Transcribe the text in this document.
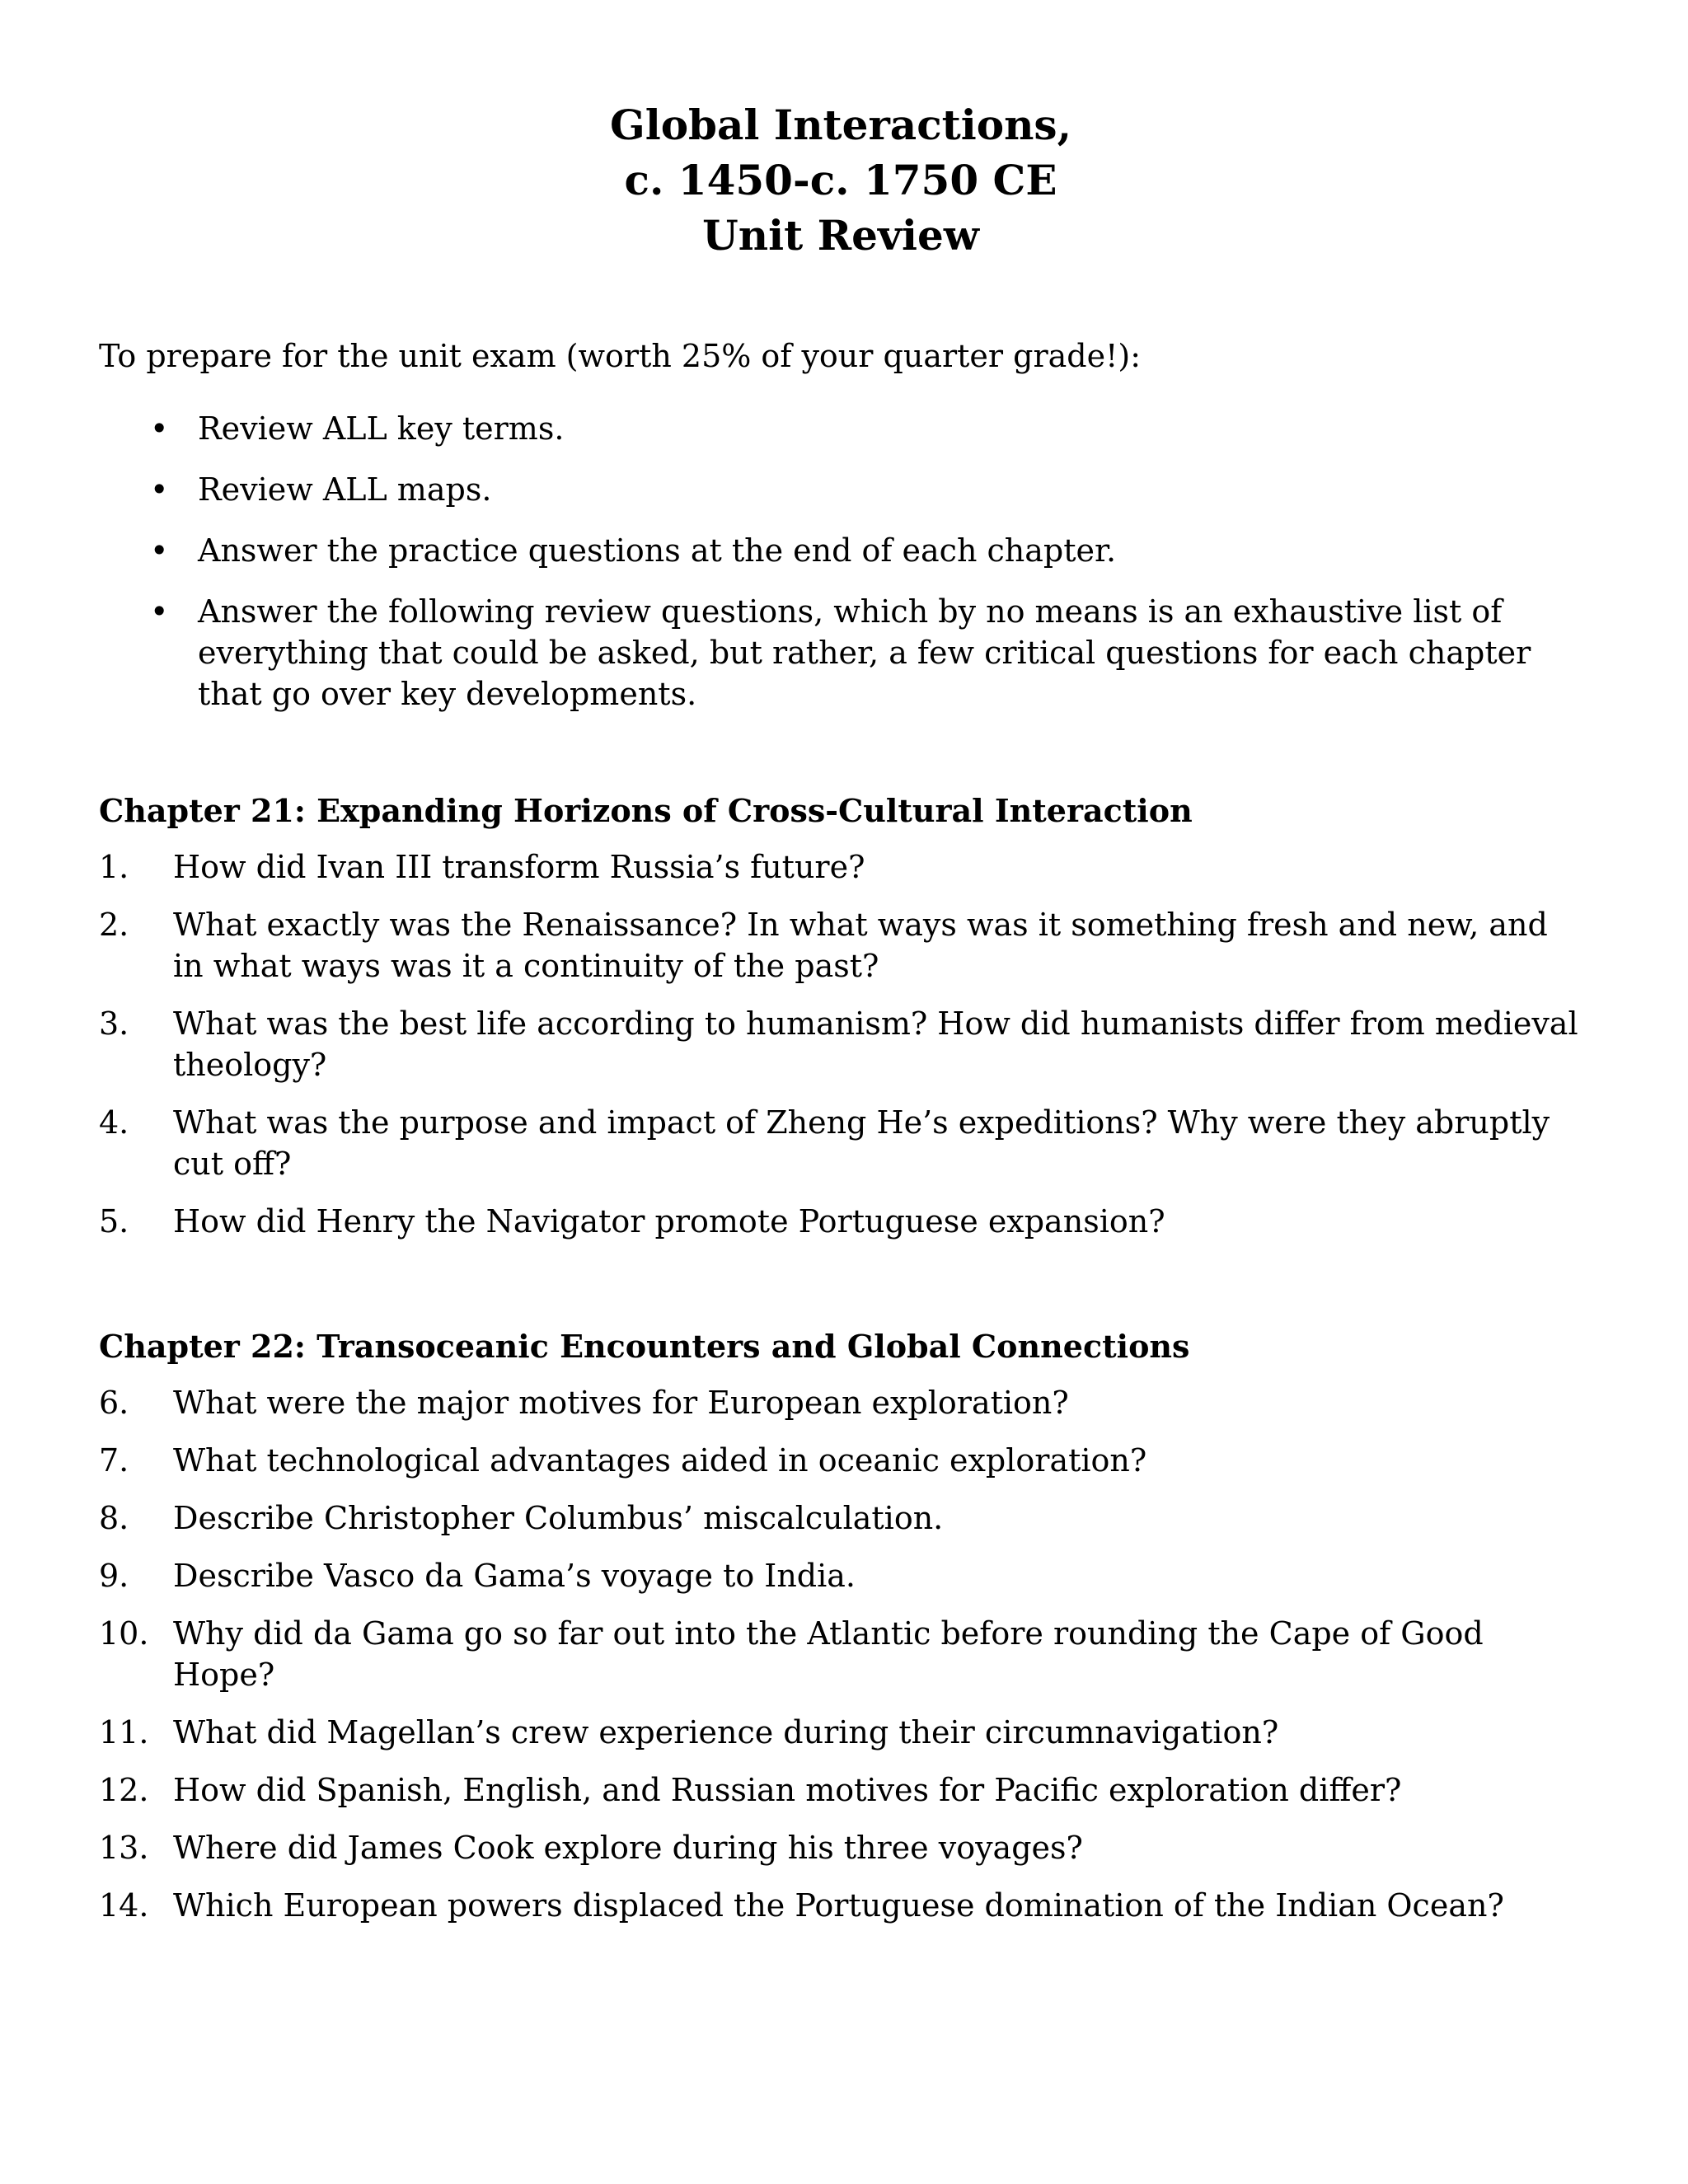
Global Interactions,
c. 1450-c. 1750 CE
Unit Review

To prepare for the unit exam (worth 25% of your quarter grade!):

• Review ALL key terms.
• Review ALL maps.
• Answer the practice questions at the end of each chapter.
• Answer the following review questions, which by no means is an exhaustive list of everything that could be asked, but rather, a few critical questions for each chapter that go over key developments.
Chapter 21: Expanding Horizons of Cross-Cultural Interaction
1. How did Ivan III transform Russia’s future?
2. What exactly was the Renaissance? In what ways was it something fresh and new, and in what ways was it a continuity of the past?
3. What was the best life according to humanism? How did humanists differ from medieval theology?
4. What was the purpose and impact of Zheng He’s expeditions? Why were they abruptly cut off?
5. How did Henry the Navigator promote Portuguese expansion?
Chapter 22: Transoceanic Encounters and Global Connections
6. What were the major motives for European exploration?
7. What technological advantages aided in oceanic exploration?
8. Describe Christopher Columbus’ miscalculation.
9. Describe Vasco da Gama’s voyage to India.
10. Why did da Gama go so far out into the Atlantic before rounding the Cape of Good Hope?
11. What did Magellan’s crew experience during their circumnavigation?
12. How did Spanish, English, and Russian motives for Pacific exploration differ?
13. Where did James Cook explore during his three voyages?
14. Which European powers displaced the Portuguese domination of the Indian Ocean?
